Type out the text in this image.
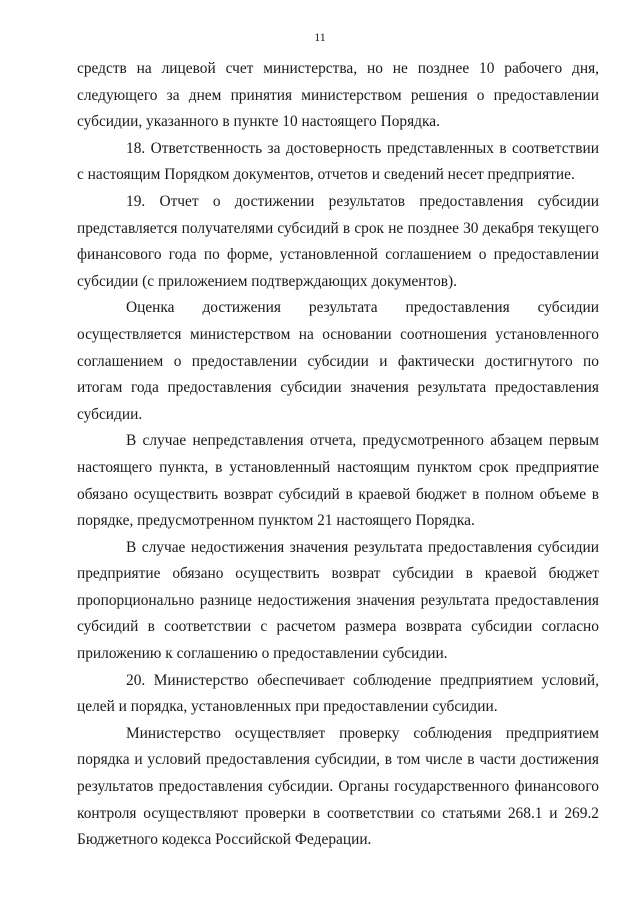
11

средств на лицевой счет министерства, но не позднее 10 рабочего дня, следующего за днем принятия министерством решения о предоставлении субсидии, указанного в пункте 10 настоящего Порядка.

18. Ответственность за достоверность представленных в соответствии с настоящим Порядком документов, отчетов и сведений несет предприятие.

19. Отчет о достижении результатов предоставления субсидии представляется получателями субсидий в срок не позднее 30 декабря текущего финансового года по форме, установленной соглашением о предоставлении субсидии (с приложением подтверждающих документов).

Оценка достижения результата предоставления субсидии осуществляется министерством на основании соотношения установленного соглашением о предоставлении субсидии и фактически достигнутого по итогам года предоставления субсидии значения результата предоставления субсидии.

В случае непредставления отчета, предусмотренного абзацем первым настоящего пункта, в установленный настоящим пунктом срок предприятие обязано осуществить возврат субсидий в краевой бюджет в полном объеме в порядке, предусмотренном пунктом 21 настоящего Порядка.

В случае недостижения значения результата предоставления субсидии предприятие обязано осуществить возврат субсидии в краевой бюджет пропорционально разнице недостижения значения результата предоставления субсидий в соответствии с расчетом размера возврата субсидии согласно приложению к соглашению о предоставлении субсидии.

20. Министерство обеспечивает соблюдение предприятием условий, целей и порядка, установленных при предоставлении субсидии.

Министерство осуществляет проверку соблюдения предприятием порядка и условий предоставления субсидии, в том числе в части достижения результатов предоставления субсидии. Органы государственного финансового контроля осуществляют проверки в соответствии со статьями 268.1 и 269.2 Бюджетного кодекса Российской Федерации.
